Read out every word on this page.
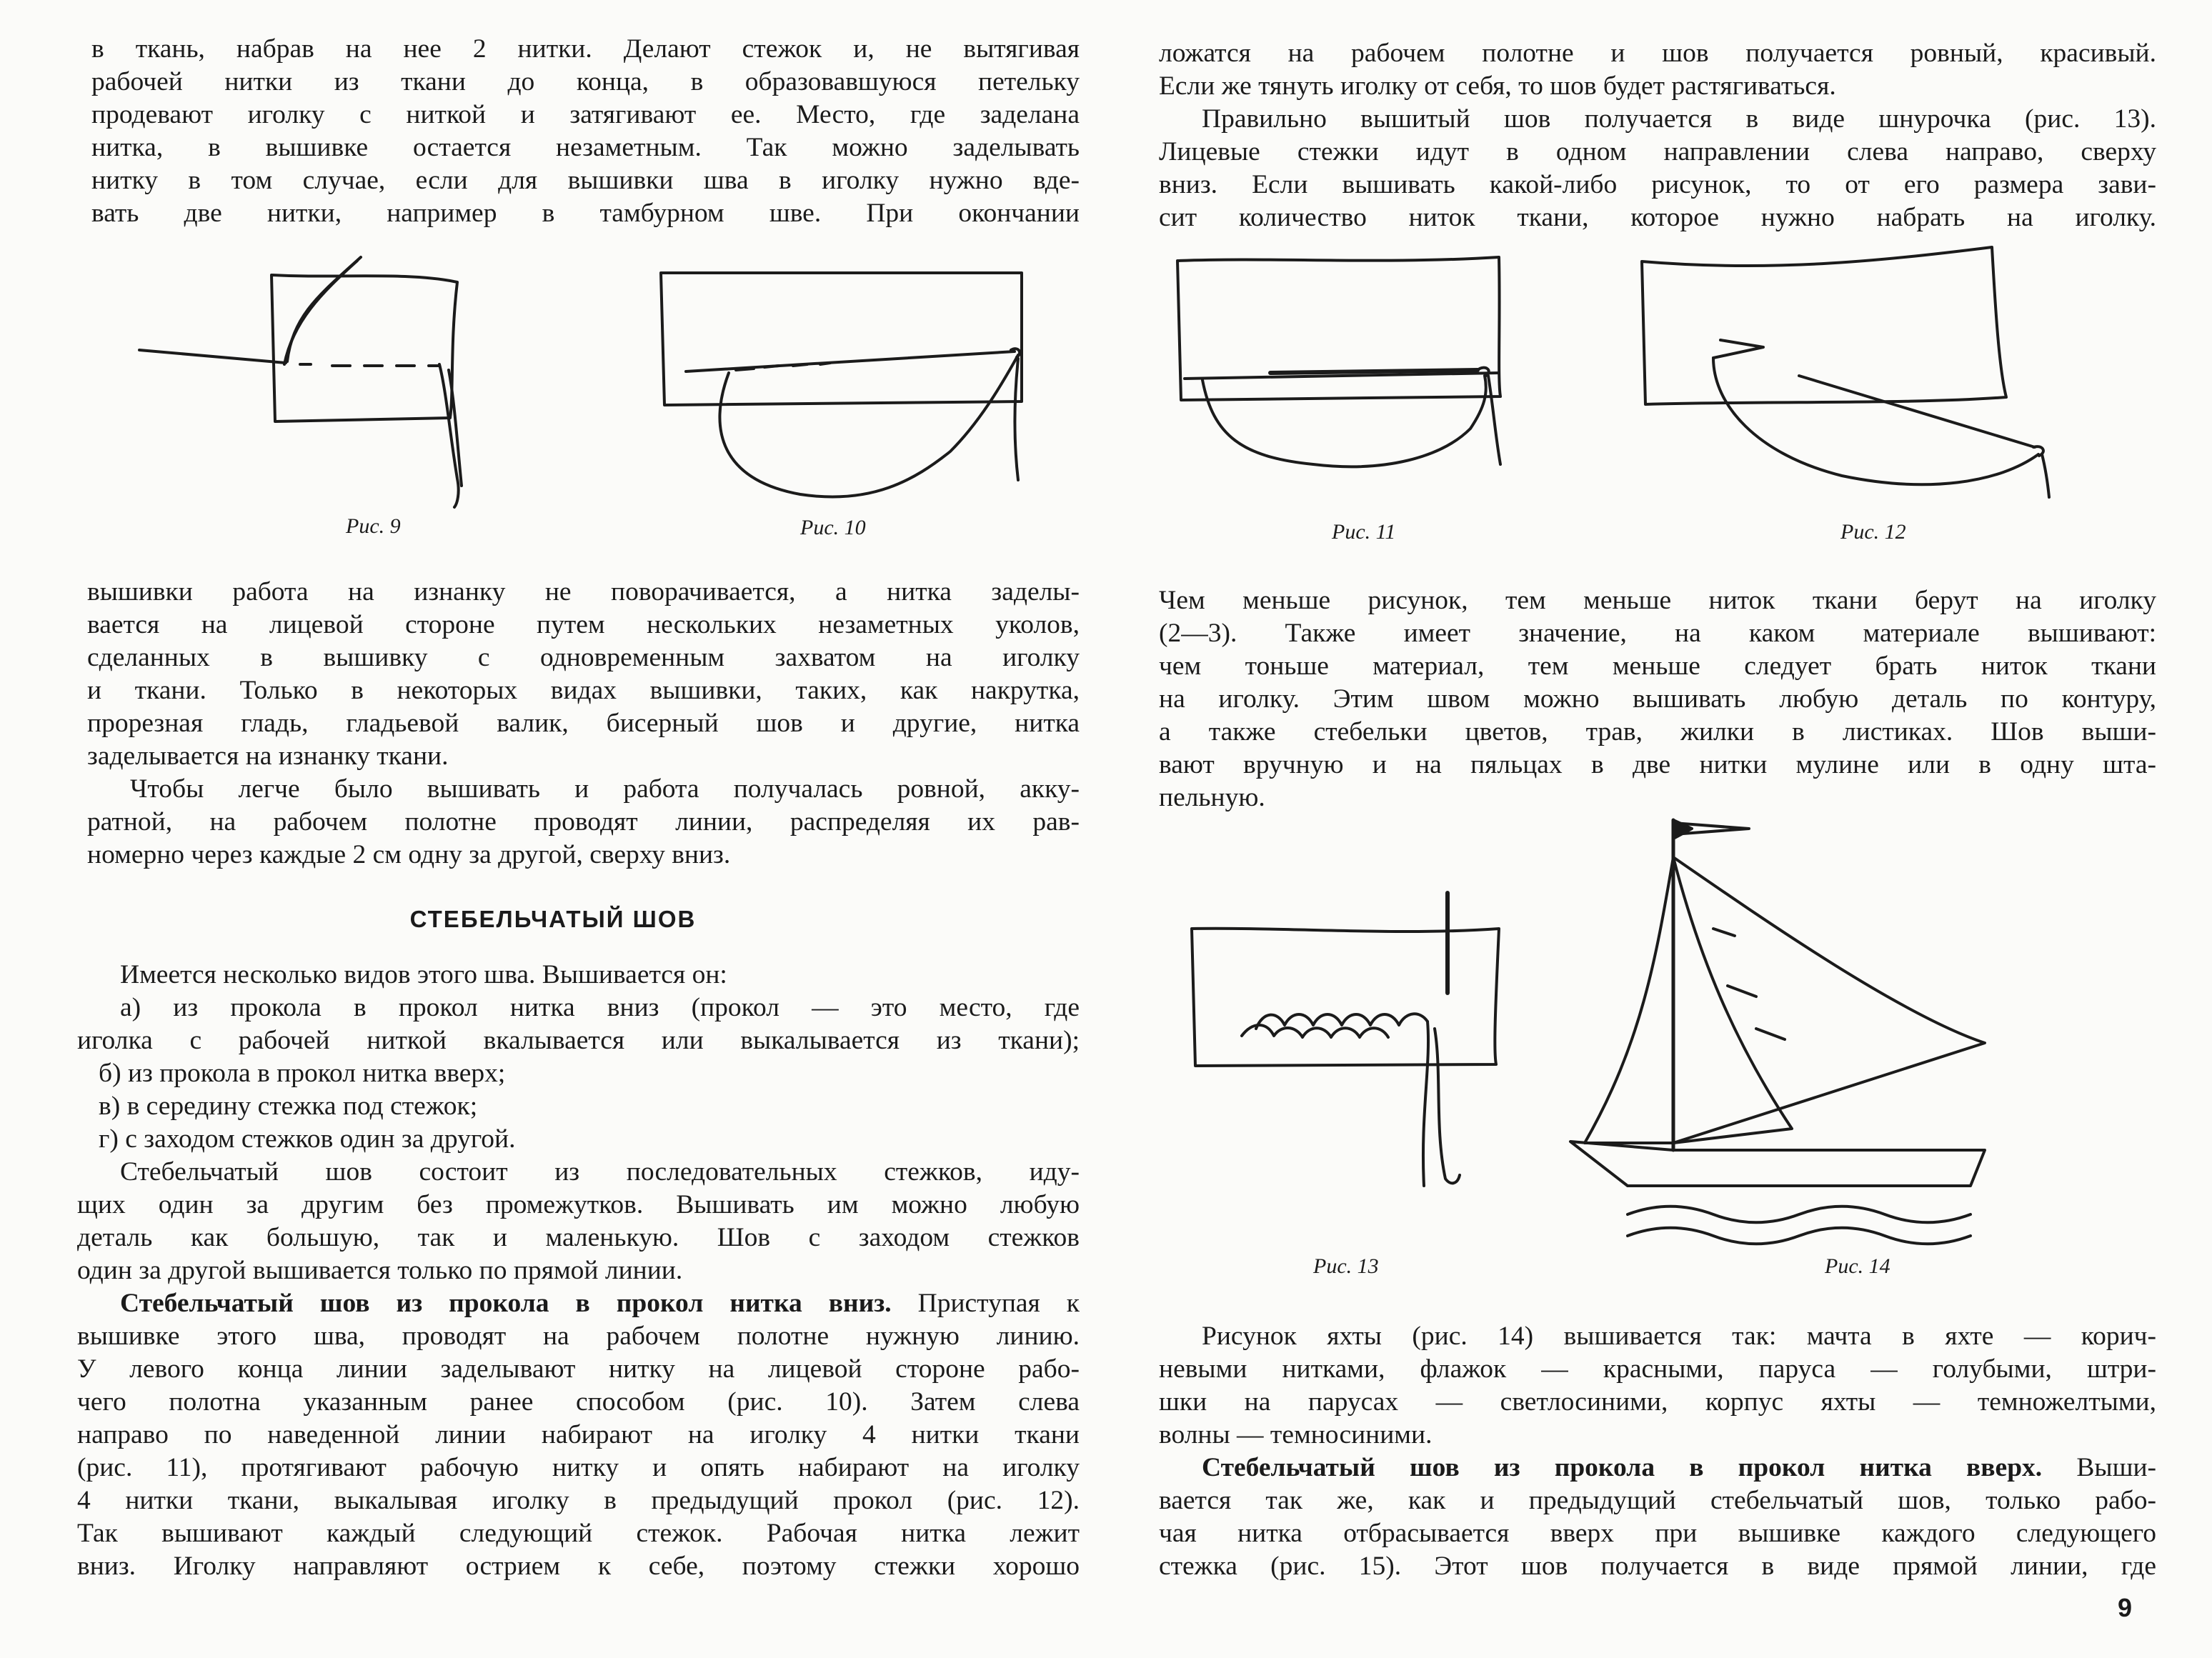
в ткань, набрав на нее 2 нитки. Делают стежок и, не вытягивая
рабочей нитки из ткани до конца, в образовавшуюся петельку
продевают иголку с ниткой и затягивают ее. Место, где заделана
нитка, в вышивке остается незаметным. Так можно заделывать
нитку в том случае, если для вышивки шва в иголку нужно вде-
вать две нитки, например в тамбурном шве. При окончании
Рис. 9	Рис. 10
вышивки работа на изнанку не поворачивается, а нитка заделы-
вается на лицевой стороне путем нескольких незаметных уколов,
сделанных в вышивку с одновременным захватом на иголку
и ткани. Только в некоторых видах вышивки, таких, как накрутка,
прорезная гладь, гладьевой валик, бисерный шов и другие, нитка
заделывается на изнанку ткани.
Чтобы легче было вышивать и работа получалась ровной, акку-
ратной, на рабочем полотне проводят линии, распределяя их рав-
номерно через каждые 2 см одну за другой, сверху вниз.
СТЕБЕЛЬЧАТЫЙ ШОВ
Имеется несколько видов этого шва. Вышивается он:
а) из прокола в прокол нитка вниз (прокол — это место, где
иголка с рабочей ниткой вкалывается или выкалывается из ткани);
б) из прокола в прокол нитка вверх;
в) в середину стежка под стежок;
г) с заходом стежков один за другой.
Стебельчатый шов состоит из последовательных стежков, иду-
щих один за другим без промежутков. Вышивать им можно любую
деталь как большую, так и маленькую. Шов с заходом стежков
один за другой вышивается только по прямой линии.
Стебельчатый шов из прокола в прокол нитка вниз. Приступая к
вышивке этого шва, проводят на рабочем полотне нужную линию.
У левого конца линии заделывают нитку на лицевой стороне рабо-
чего полотна указанным ранее способом (рис. 10). Затем слева
направо по наведенной линии набирают на иголку 4 нитки ткани
(рис. 11), протягивают рабочую нитку и опять набирают на иголку
4 нитки ткани, выкалывая иголку в предыдущий прокол (рис. 12).
Так вышивают каждый следующий стежок. Рабочая нитка лежит
вниз. Иголку направляют острием к себе, поэтому стежки хорошо
ложатся на рабочем полотне и шов получается ровный, красивый.
Если же тянуть иголку от себя, то шов будет растягиваться.
Правильно вышитый шов получается в виде шнурочка (рис. 13).
Лицевые стежки идут в одном направлении слева направо, сверху
вниз. Если вышивать какой-либо рисунок, то от его размера зави-
сит количество ниток ткани, которое нужно набрать на иголку.
Рис. 11	Рис. 12
Чем меньше рисунок, тем меньше ниток ткани берут на иголку
(2—3). Также имеет значение, на каком материале вышивают:
чем тоньше материал, тем меньше следует брать ниток ткани
на иголку. Этим швом можно вышивать любую деталь по контуру,
а также стебельки цветов, трав, жилки в листиках. Шов выши-
вают вручную и на пяльцах в две нитки мулине или в одну шта-
пельную.
Рис. 13	Рис. 14
Рисунок яхты (рис. 14) вышивается так: мачта в яхте — корич-
невыми нитками, флажок — красными, паруса — голубыми, штри-
шки на парусах — светлосиними, корпус яхты — темножелтыми,
волны — темносиними.
Стебельчатый шов из прокола в прокол нитка вверх. Выши-
вается так же, как и предыдущий стебельчатый шов, только рабо-
чая нитка отбрасывается вверх при вышивке каждого следующего
стежка (рис. 15). Этот шов получается в виде прямой линии, где
9
